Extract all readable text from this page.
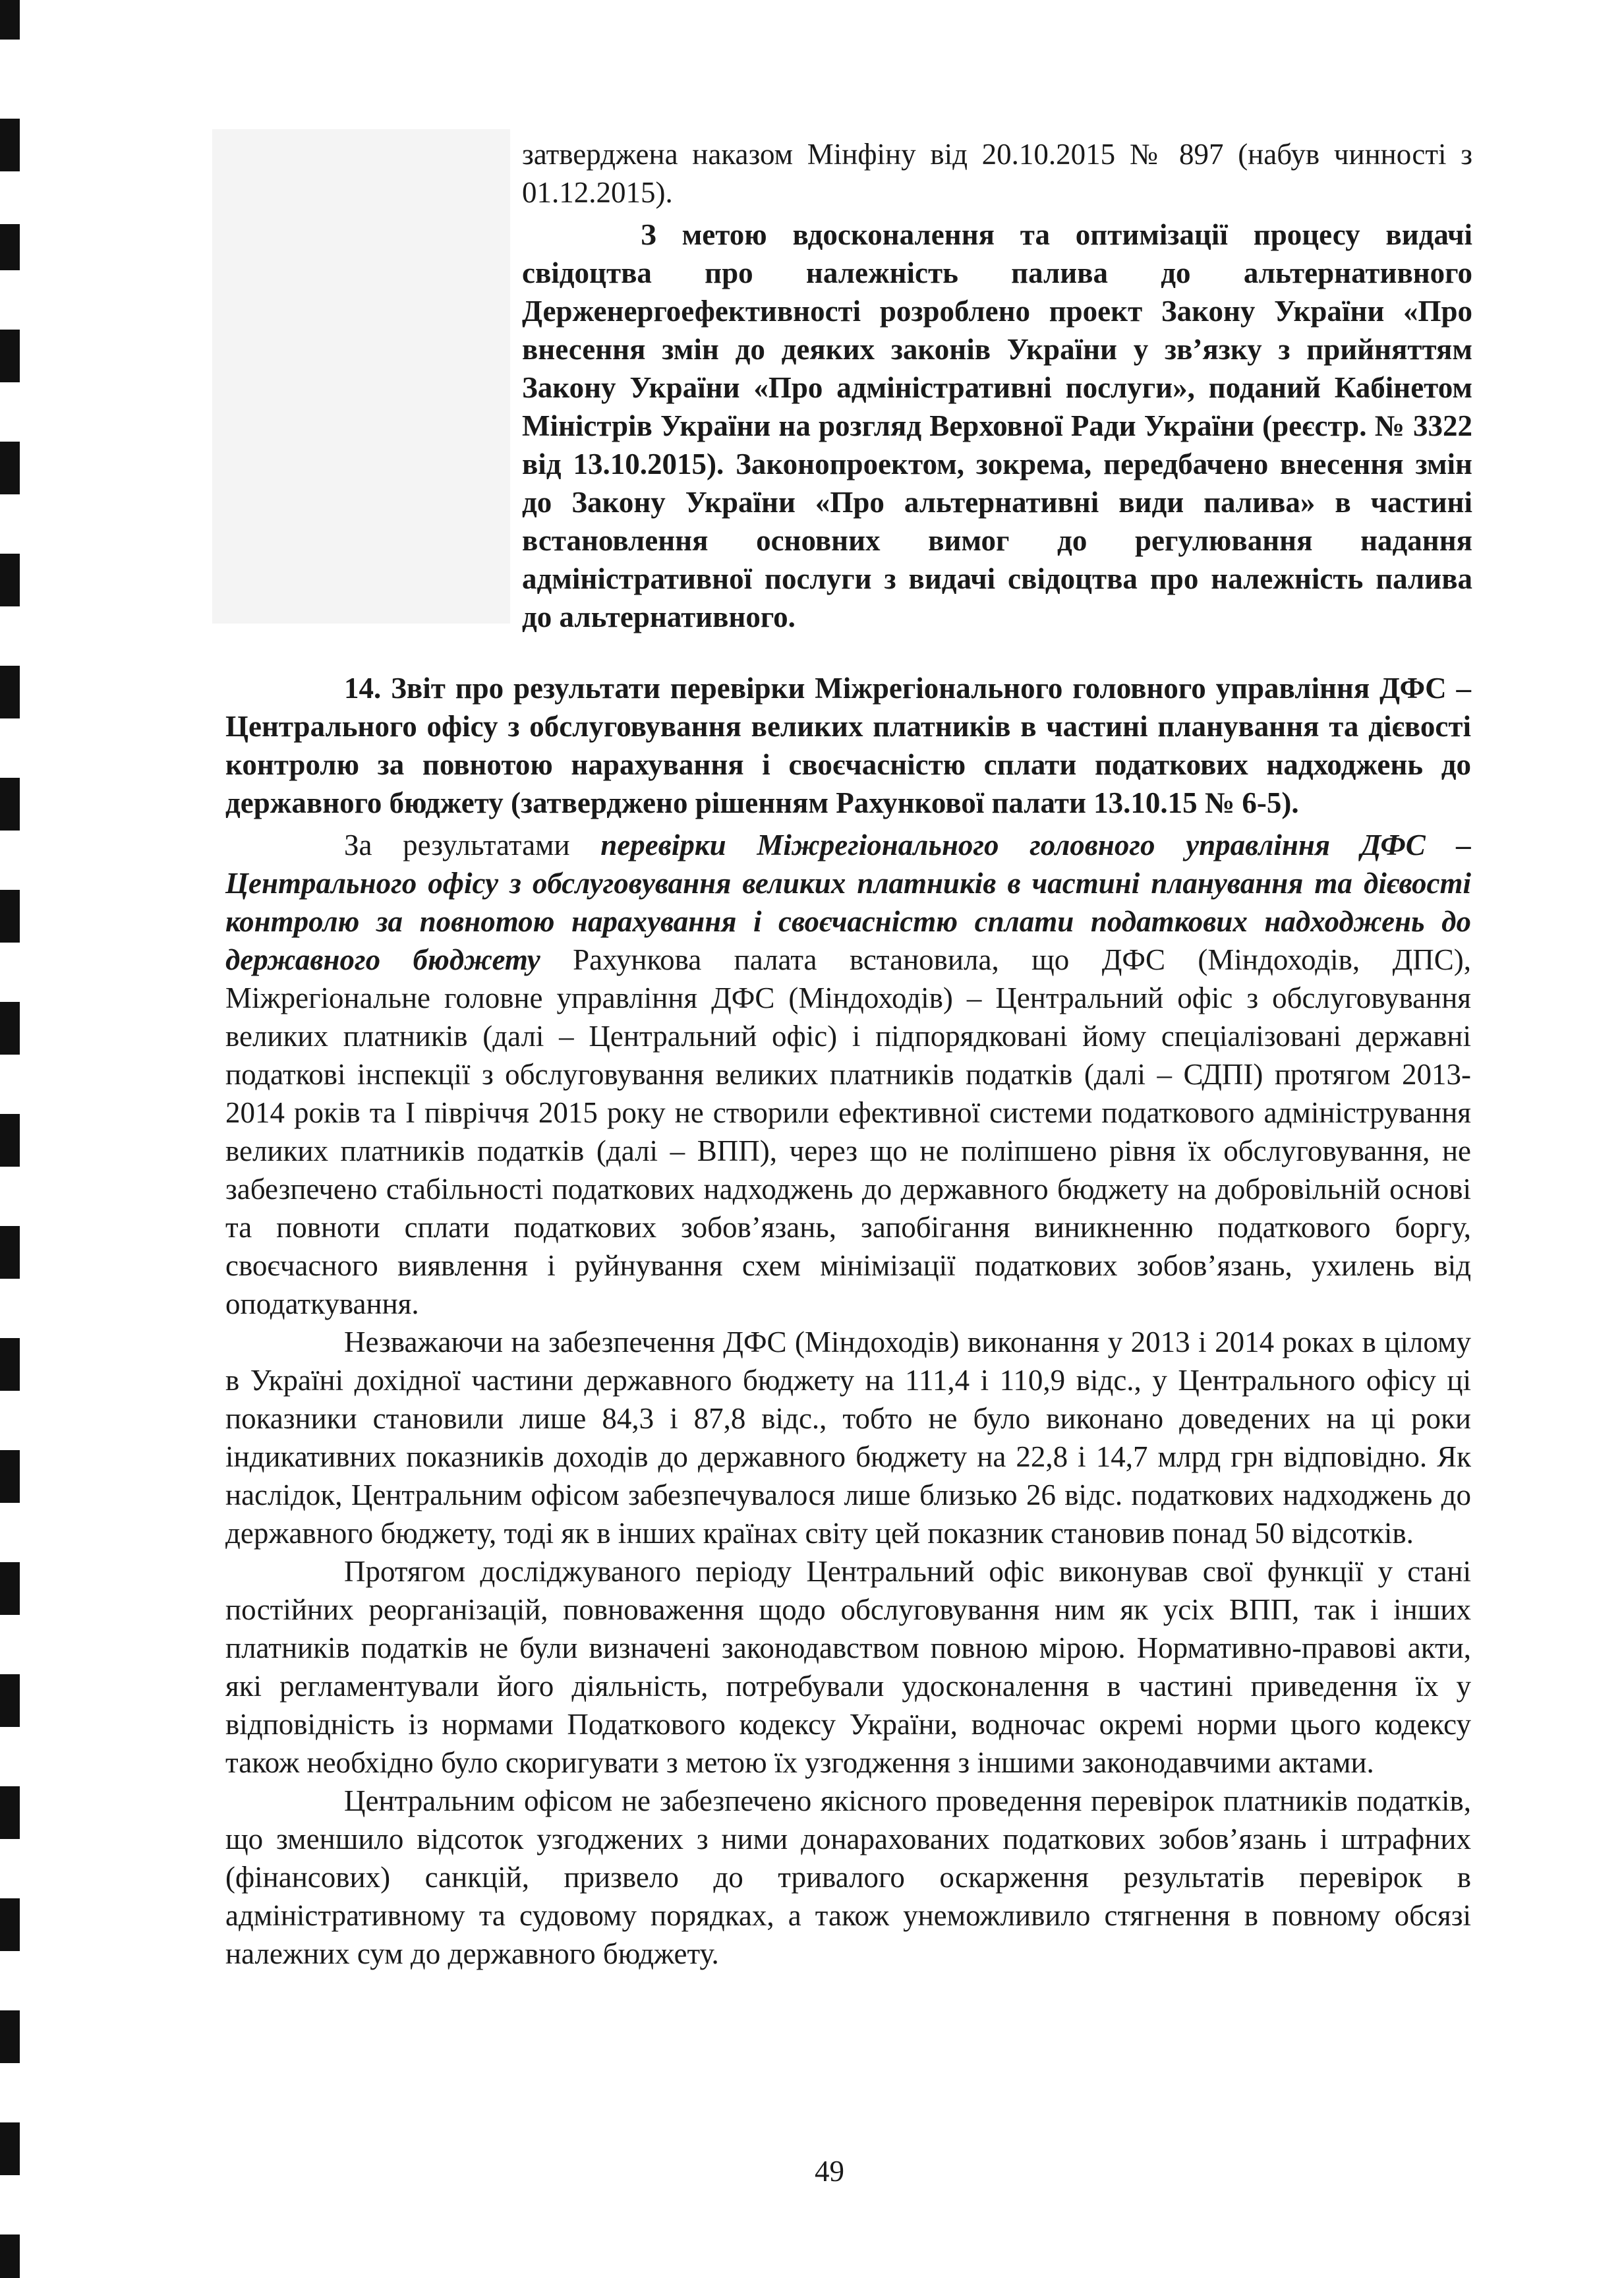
затверджена наказом Мінфіну від 20.10.2015 № 897 (набув чинності з 01.12.2015).

З метою вдосконалення та оптимізації процесу видачі свідоцтва про належність палива до альтернативного Держенергоефективності розроблено проект Закону України «Про внесення змін до деяких законів України у зв’язку з прийняттям Закону України «Про адміністративні послуги», поданий Кабінетом Міністрів України на розгляд Верховної Ради України (реєстр. № 3322 від 13.10.2015). Законопроектом, зокрема, передбачено внесення змін до Закону України «Про альтернативні види палива» в частині встановлення основних вимог до регулювання надання адміністративної послуги з видачі свідоцтва про належність палива до альтернативного.

14. Звіт про результати перевірки Міжрегіонального головного управління ДФС – Центрального офісу з обслуговування великих платників в частині планування та дієвості контролю за повнотою нарахування і своєчасністю сплати податкових надходжень до державного бюджету (затверджено рішенням Рахункової палати 13.10.15 № 6-5).

За результатами перевірки Міжрегіонального головного управління ДФС – Центрального офісу з обслуговування великих платників в частині планування та дієвості контролю за повнотою нарахування і своєчасністю сплати податкових надходжень до державного бюджету Рахункова палата встановила, що ДФС (Міндоходів, ДПС), Міжрегіональне головне управління ДФС (Міндоходів) – Центральний офіс з обслуговування великих платників (далі – Центральний офіс) і підпорядковані йому спеціалізовані державні податкові інспекції з обслуговування великих платників податків (далі – СДПІ) протягом 2013-2014 років та І півріччя 2015 року не створили ефективної системи податкового адміністрування великих платників податків (далі – ВПП), через що не поліпшено рівня їх обслуговування, не забезпечено стабільності податкових надходжень до державного бюджету на добровільній основі та повноти сплати податкових зобов’язань, запобігання виникненню податкового боргу, своєчасного виявлення і руйнування схем мінімізації податкових зобов’язань, ухилень від оподаткування.

Незважаючи на забезпечення ДФС (Міндоходів) виконання у 2013 і 2014 роках в цілому в Україні дохідної частини державного бюджету на 111,4 і 110,9 відс., у Центрального офісу ці показники становили лише 84,3 і 87,8 відс., тобто не було виконано доведених на ці роки індикативних показників доходів до державного бюджету на 22,8 і 14,7 млрд грн відповідно. Як наслідок, Центральним офісом забезпечувалося лише близько 26 відс. податкових надходжень до державного бюджету, тоді як в інших країнах світу цей показник становив понад 50 відсотків.

Протягом досліджуваного періоду Центральний офіс виконував свої функції у стані постійних реорганізацій, повноваження щодо обслуговування ним як усіх ВПП, так і інших платників податків не були визначені законодавством повною мірою. Нормативно-правові акти, які регламентували його діяльність, потребували удосконалення в частині приведення їх у відповідність із нормами Податкового кодексу України, водночас окремі норми цього кодексу також необхідно було скоригувати з метою їх узгодження з іншими законодавчими актами.

Центральним офісом не забезпечено якісного проведення перевірок платників податків, що зменшило відсоток узгоджених з ними донарахованих податкових зобов’язань і штрафних (фінансових) санкцій, призвело до тривалого оскарження результатів перевірок в адміністративному та судовому порядках, а також унеможливило стягнення в повному обсязі належних сум до державного бюджету.

49
